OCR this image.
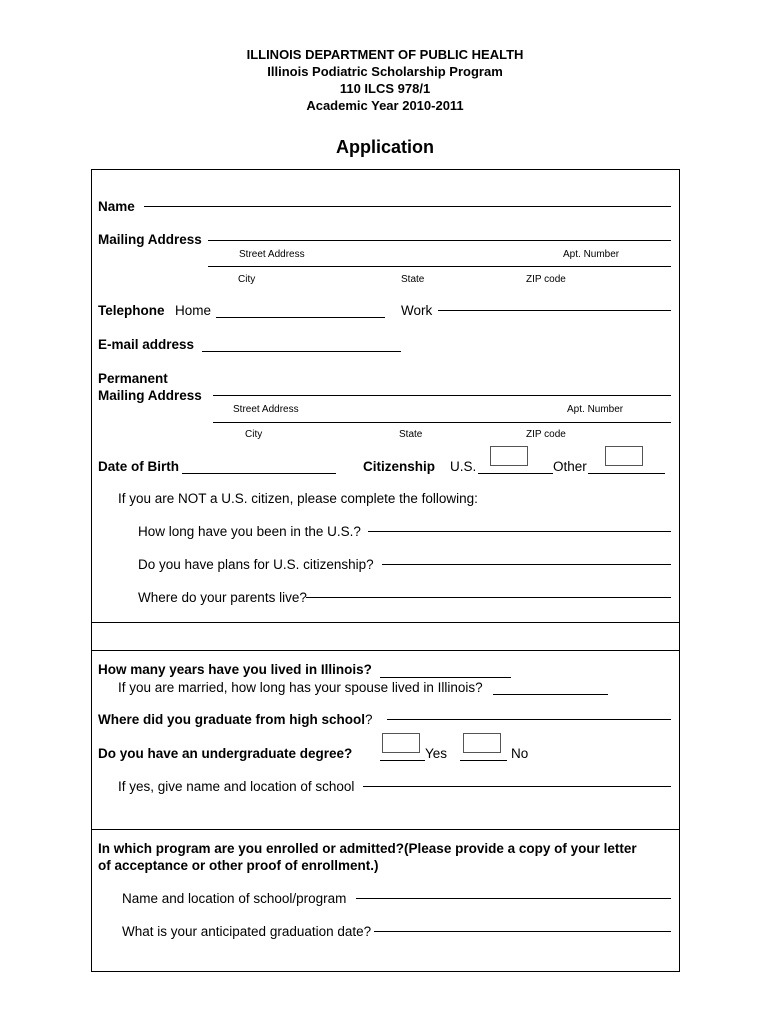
ILLINOIS DEPARTMENT OF PUBLIC HEALTH
Illinois Podiatric Scholarship Program
110 ILCS 978/1
Academic Year 2010-2011
Application
Name
Mailing Address
Street Address	Apt. Number
City	State	ZIP code
Telephone Home	Work
E-mail address
Permanent
Mailing Address
Street Address	Apt. Number
City	State	ZIP code
Date of Birth	Citizenship U.S.	Other
If you are NOT a U.S. citizen, please complete the following:
How long have you been in the U.S.?
Do you have plans for U.S. citizenship?
Where do your parents live?
How many years have you lived in Illinois?
If you are married, how long has your spouse lived in Illinois?
Where did you graduate from high school?
Do you have an undergraduate degree?	Yes	No
If yes, give name and location of school
In which program are you enrolled or admitted?(Please provide a copy of your letter
of acceptance or other proof of enrollment.)
Name and location of school/program
What is your anticipated graduation date?
